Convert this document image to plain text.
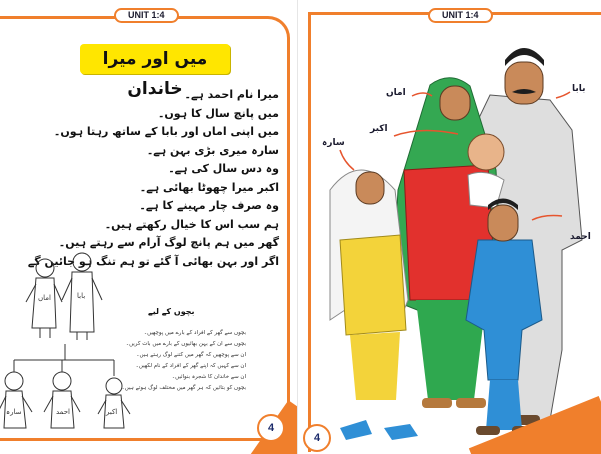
UNIT 1:4
میں اور میرا خاندان میرا نام احمد ہے۔
میں پانچ سال کا ہوں۔
میں اپنی اماں اور بابا کے ساتھ رہتا ہوں۔
سارہ میری بڑی بہن ہے۔
وہ دس سال کی ہے۔
اکبر میرا چھوٹا بھائی ہے۔
وہ صرف چار مہینے کا ہے۔
ہم سب اس کا خیال رکھتے ہیں۔
گھر میں ہم پانچ لوگ آرام سے رہتے ہیں۔
اگر اور بہن بھائی آ گئے تو ہم تنگ ہو جائیں گے
اماں	بابا
سارہ	احمد	اکبر
بچوں کے لیے
بچوں سے گھر کے افراد کے بارے میں پوچھیں۔
بچوں سے ان کے بہن بھائیوں کے بارے میں بات کریں۔
ان سے پوچھیں کہ گھر میں کتنے لوگ رہتے ہیں۔
ان سے کہیں کہ اپنے گھر کے افراد کے نام لکھیں۔
ان سے خاندان کا شجرہ بنوائیں۔
بچوں کو بتائیں کہ ہر گھر میں مختلف لوگ ہوتے ہیں۔
4
UNIT 1:4
اماں	بابا
اکبر
سارہ
احمد
4
